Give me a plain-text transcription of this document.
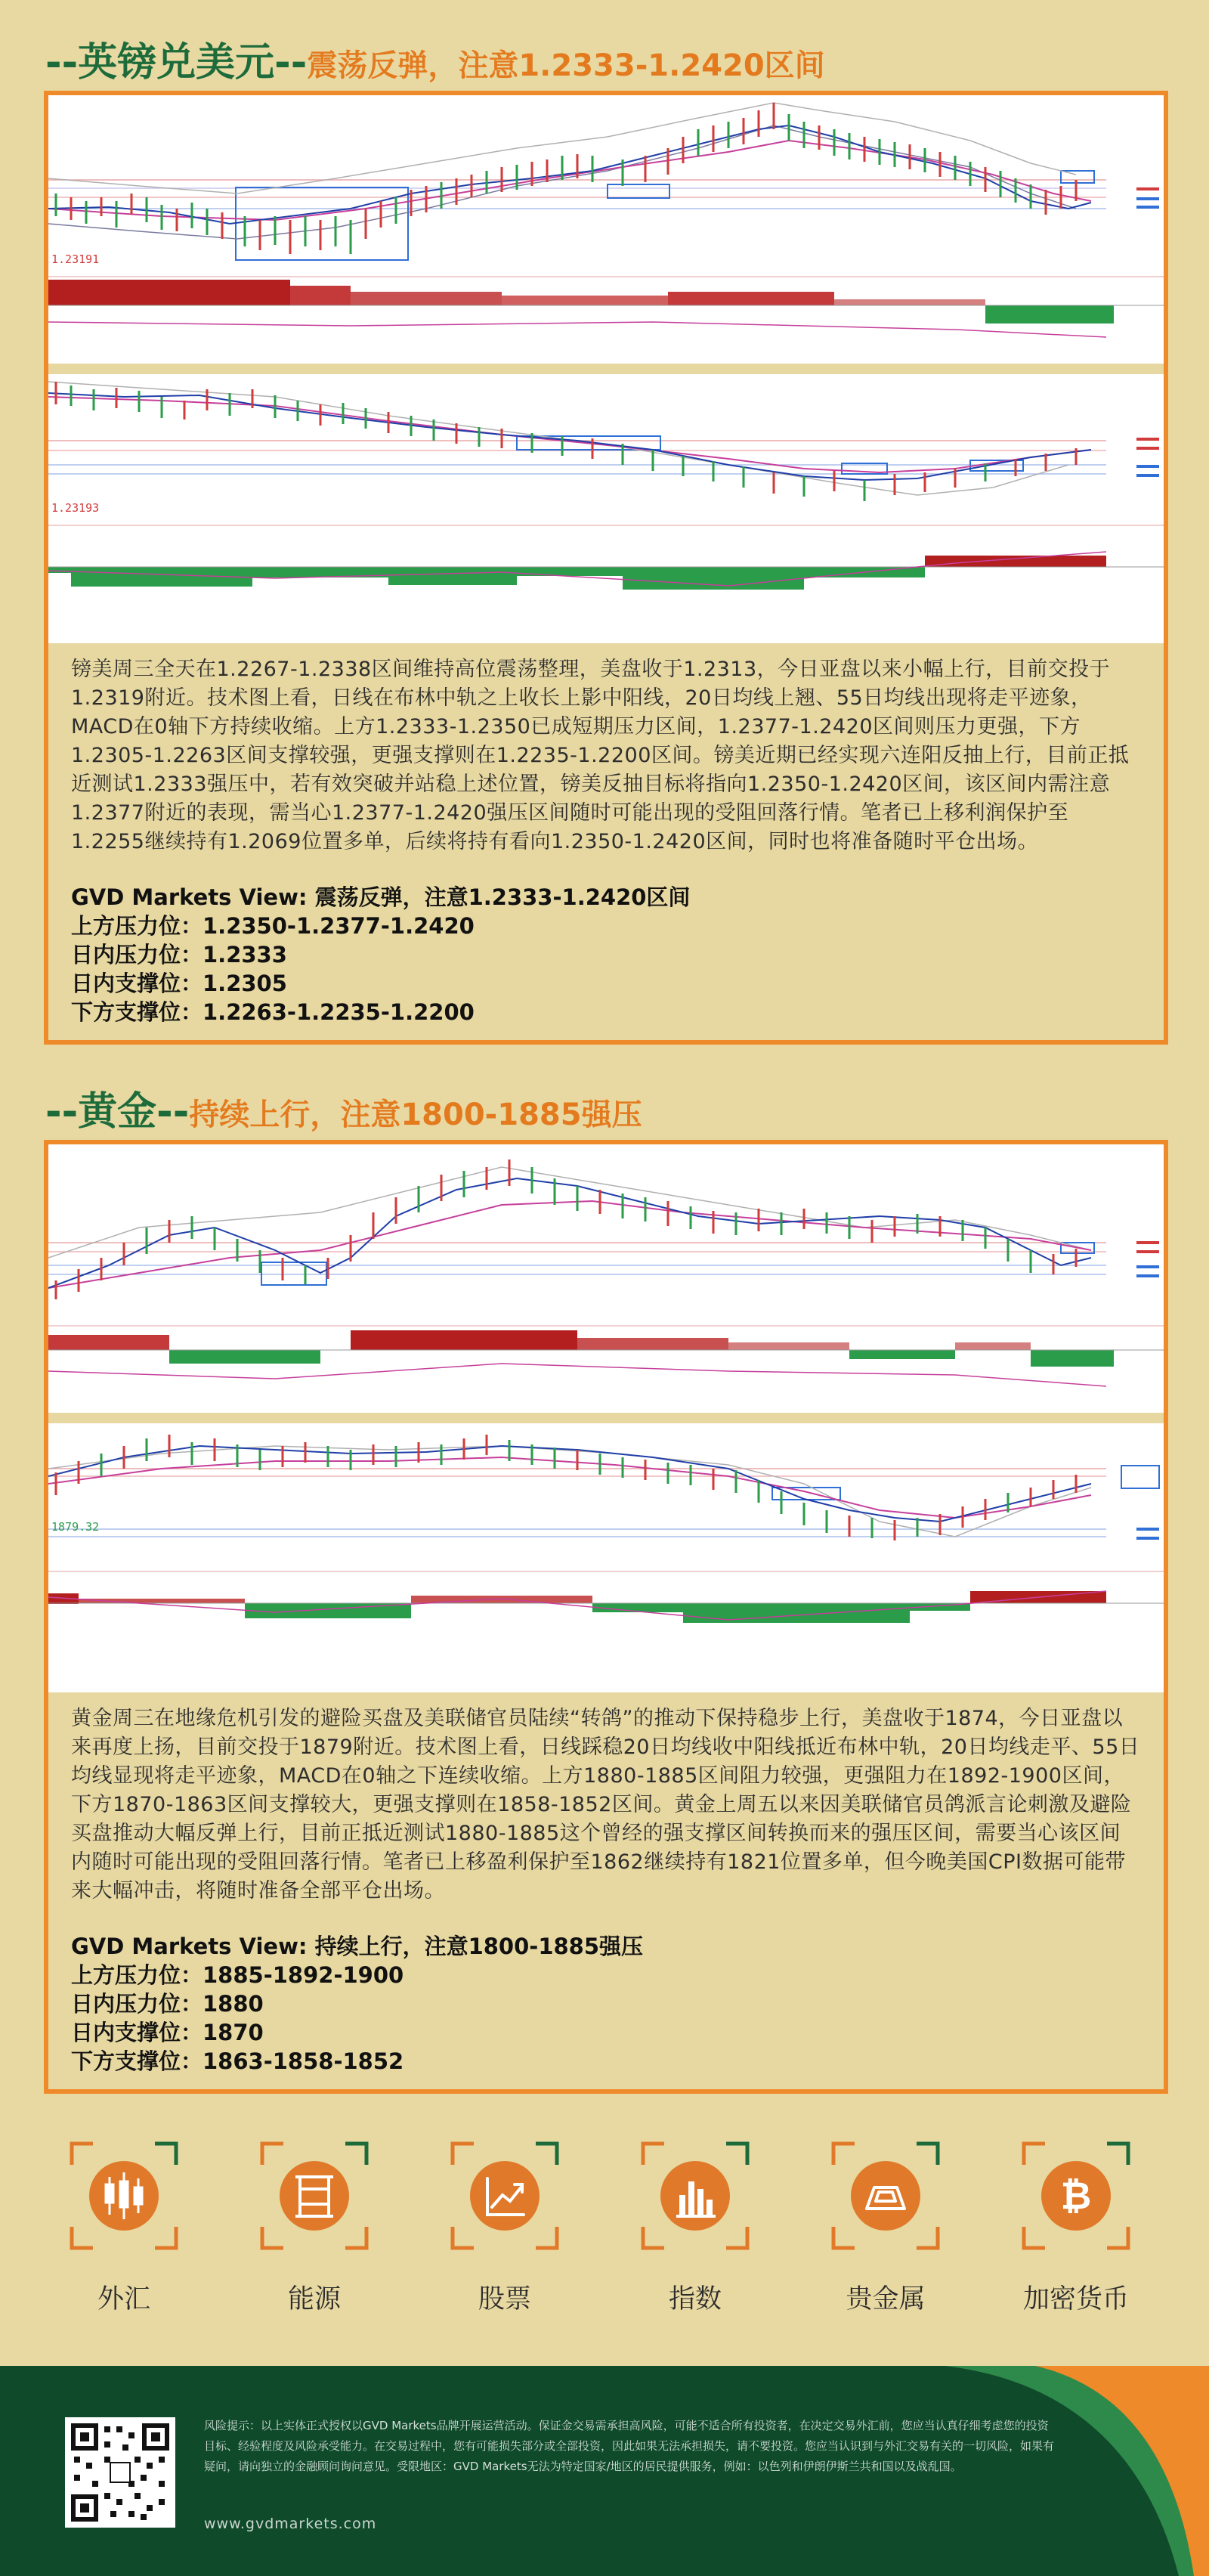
--英镑兑美元-- 震荡反弹，注意1.2333-1.2420区间
1.23191
1.23193
镑美周三全天在1.2267-1.2338区间维持高位震荡整理，美盘收于1.2313，今日亚盘以来小幅上行，目前交投于1.2319附近。技术图上看，日线在布林中轨之上收长上影中阳线，20日均线上翘、55日均线出现将走平迹象，MACD在0轴下方持续收缩。上方1.2333-1.2350已成短期压力区间，1.2377-1.2420区间则压力更强，下方1.2305-1.2263区间支撑较强，更强支撑则在1.2235-1.2200区间。镑美近期已经实现六连阳反抽上行，目前正抵近测试1.2333强压中，若有效突破并站稳上述位置，镑美反抽目标将指向1.2350-1.2420区间，该区间内需注意1.2377附近的表现，需当心1.2377-1.2420强压区间随时可能出现的受阻回落行情。笔者已上移利润保护至1.2255继续持有1.2069位置多单，后续将持有看向1.2350-1.2420区间，同时也将准备随时平仓出场。
GVD Markets View: 震荡反弹，注意1.2333-1.2420区间
上方压力位：1.2350-1.2377-1.2420
日内压力位：1.2333
日内支撑位：1.2305
下方支撑位：1.2263-1.2235-1.2200
--黄金-- 持续上行，注意1800-1885强压
1879.32
黄金周三在地缘危机引发的避险买盘及美联储官员陆续“转鸽”的推动下保持稳步上行，美盘收于1874，今日亚盘以来再度上扬，目前交投于1879附近。技术图上看，日线踩稳20日均线收中阳线抵近布林中轨，20日均线走平、55日均线显现将走平迹象，MACD在0轴之下连续收缩。上方1880-1885区间阻力较强，更强阻力在1892-1900区间，下方1870-1863区间支撑较大，更强支撑则在1858-1852区间。黄金上周五以来因美联储官员鸽派言论刺激及避险买盘推动大幅反弹上行，目前正抵近测试1880-1885这个曾经的强支撑区间转换而来的强压区间，需要当心该区间内随时可能出现的受阻回落行情。笔者已上移盈利保护至1862继续持有1821位置多单，但今晚美国CPI数据可能带来大幅冲击，将随时准备全部平仓出场。
GVD Markets View: 持续上行，注意1800-1885强压
上方压力位：1885-1892-1900
日内压力位：1880
日内支撑位：1870
下方支撑位：1863-1858-1852
外汇	能源	股票	指数	贵金属
₿
加密货币
风险提示：以上实体正式授权以GVD Markets品牌开展运营活动。保证金交易需承担高风险，可能不适合所有投资者，在决定交易外汇前，您应当认真仔细考虑您的投资目标、经验程度及风险承受能力。在交易过程中，您有可能损失部分或全部投资，因此如果无法承担损失，请不要投资。您应当认识到与外汇交易有关的一切风险，如果有疑问，请向独立的金融顾问询问意见。受限地区：GVD Markets无法为特定国家/地区的居民提供服务，例如：以色列和伊朗伊斯兰共和国以及战乱国。
www.gvdmarkets.com
